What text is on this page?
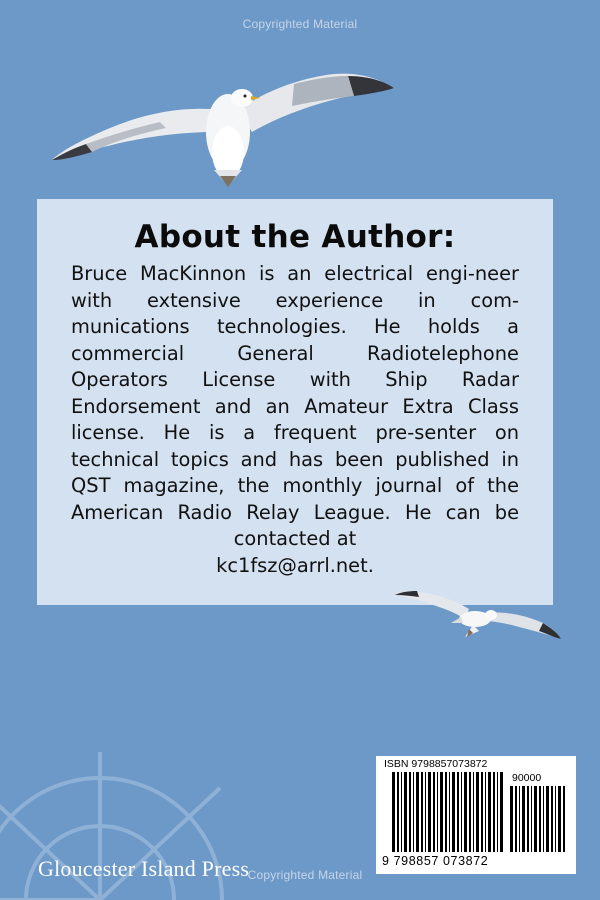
Copyrighted Material
About the Author:

Bruce MacKinnon is an electrical engi-neer with extensive experience in com-munications technologies. He holds a commercial General Radiotelephone Operators License with Ship Radar Endorsement and an Amateur Extra Class license. He is a frequent pre-senter on technical topics and has been published in QST magazine, the monthly journal of the American Radio Relay League. He can be contacted at

kc1fsz@arrl.net.
Gloucester Island Press
Copyrighted Material
ISBN 9798857073872
90000
9 798857 073872
